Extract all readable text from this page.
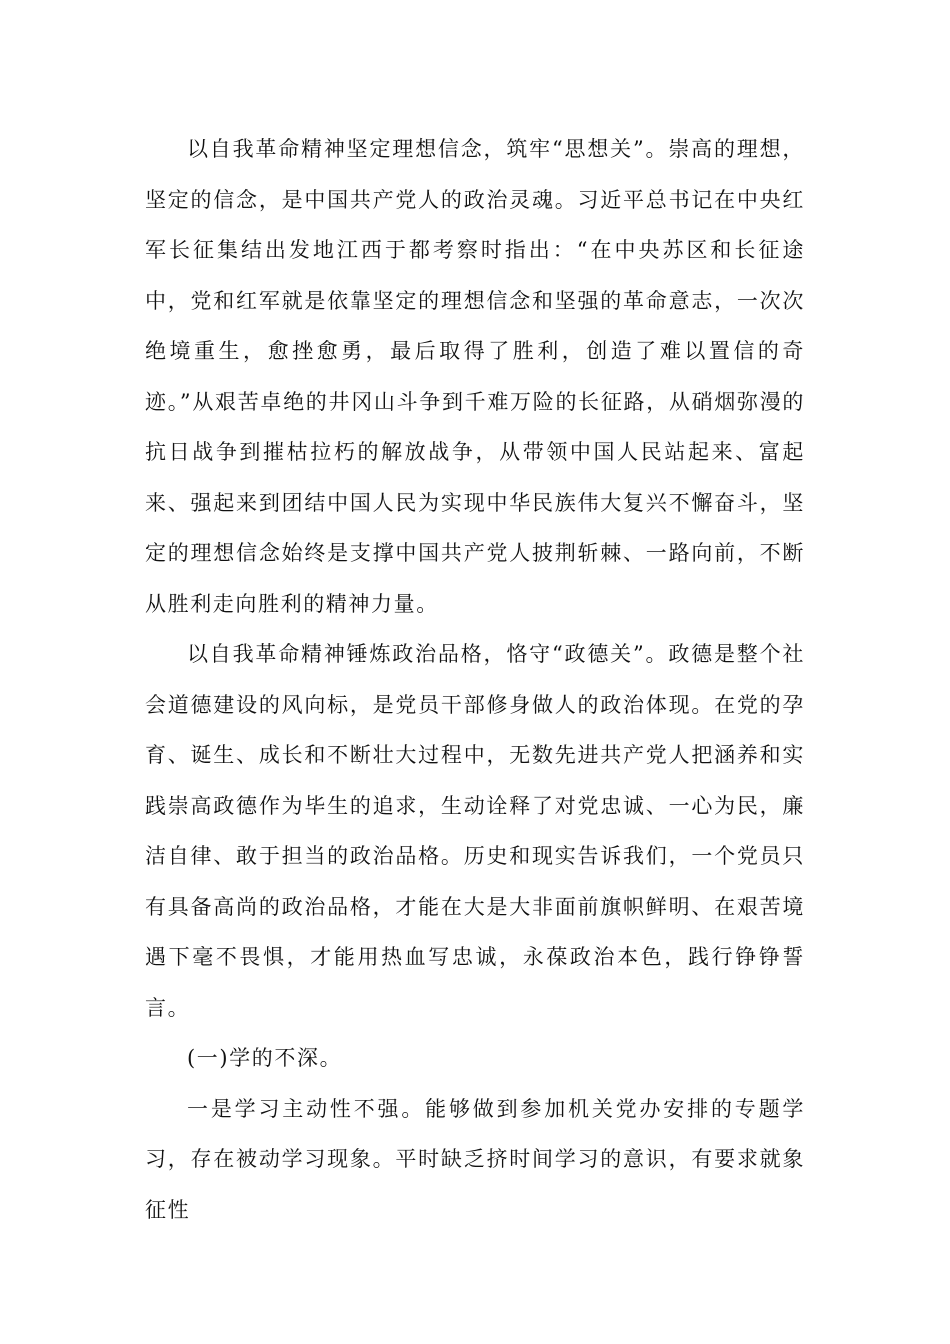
以自我革命精神坚定理想信念，筑牢“思想关”。崇高的理想，坚定的信念，是中国共产党人的政治灵魂。习近平总书记在中央红军长征集结出发地江西于都考察时指出：“在中央苏区和长征途中，党和红军就是依靠坚定的理想信念和坚强的革命意志，一次次绝境重生，愈挫愈勇，最后取得了胜利，创造了难以置信的奇迹。”从艰苦卓绝的井冈山斗争到千难万险的长征路，从硝烟弥漫的抗日战争到摧枯拉朽的解放战争，从带领中国人民站起来、富起来、强起来到团结中国人民为实现中华民族伟大复兴不懈奋斗，坚定的理想信念始终是支撑中国共产党人披荆斩棘、一路向前，不断从胜利走向胜利的精神力量。

以自我革命精神锤炼政治品格，恪守“政德关”。政德是整个社会道德建设的风向标，是党员干部修身做人的政治体现。在党的孕育、诞生、成长和不断壮大过程中，无数先进共产党人把涵养和实践崇高政德作为毕生的追求，生动诠释了对党忠诚、一心为民，廉洁自律、敢于担当的政治品格。历史和现实告诉我们，一个党员只有具备高尚的政治品格，才能在大是大非面前旗帜鲜明、在艰苦境遇下毫不畏惧，才能用热血写忠诚，永葆政治本色，践行铮铮誓言。

(一)学的不深。

一是学习主动性不强。能够做到参加机关党办安排的专题学习，存在被动学习现象。平时缺乏挤时间学习的意识，有要求就象征性
